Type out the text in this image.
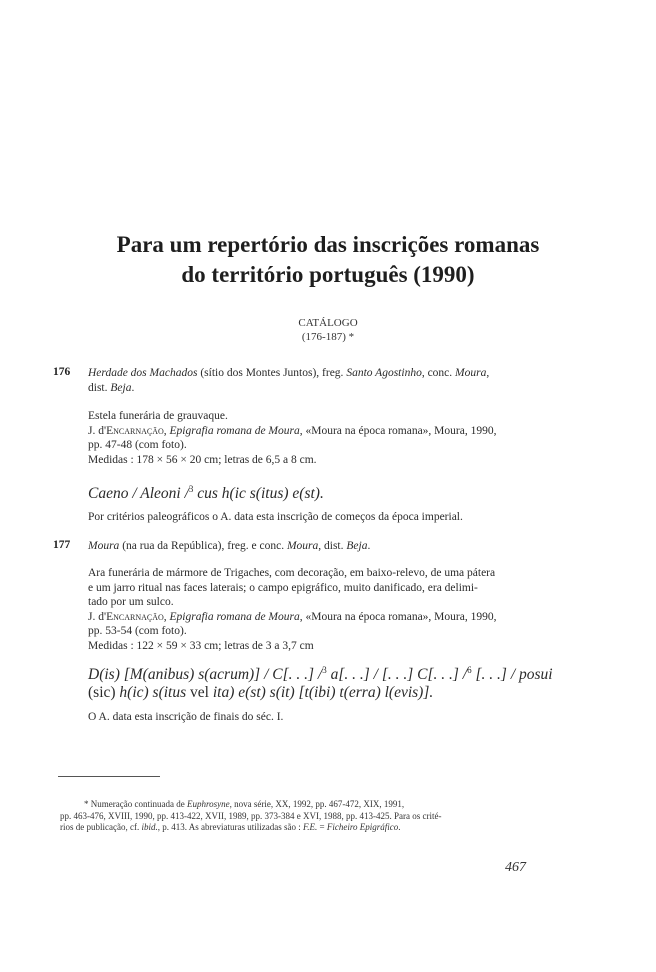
Para um repertório das inscrições romanas
do território português (1990)
CATÁLOGO
(176-187) *
176 Herdade dos Machados (sítio dos Montes Juntos), freg. Santo Agostinho, conc. Moura,
dist. Beja.
Estela funerária de grauvaque.
J. d'Encarnação, Epigrafia romana de Moura, «Moura na época romana», Moura, 1990,
pp. 47-48 (com foto).
Medidas : 178 × 56 × 20 cm; letras de 6,5 a 8 cm.
Caeno / Aleoni /$^3$ cus h(ic s(itus) e(st).
Por critérios paleográficos o A. data esta inscrição de começos da época imperial.
177 Moura (na rua da República), freg. e conc. Moura, dist. Beja.
Ara funerária de mármore de Trigaches, com decoração, em baixo-relevo, de uma pátera
e um jarro ritual nas faces laterais; o campo epigráfico, muito danificado, era delimi-
tado por um sulco.
J. d'Encarnação, Epigrafia romana de Moura, «Moura na época romana», Moura, 1990,
pp. 53-54 (com foto).
Medidas : 122 × 59 × 33 cm; letras de 3 a 3,7 cm
D(is) [M(anibus) s(acrum)] / C[. . .] /$^3$ a[. . .] / [. . .] C[. . .] /$^6$ [. . .] / posui
(sic) h(ic) s(itus vel ita) e(st) s(it) [t(ibi) t(erra) l(evis)].
O A. data esta inscrição de finais do séc. I.
* Numeração continuada de Euphrosyne, nova série, XX, 1992, pp. 467-472, XIX, 1991,
pp. 463-476, XVIII, 1990, pp. 413-422, XVII, 1989, pp. 373-384 e XVI, 1988, pp. 413-425. Para os crité-
rios de publicação, cf. ibid., p. 413. As abreviaturas utilizadas são : F.E. = Ficheiro Epigráfico.
467
